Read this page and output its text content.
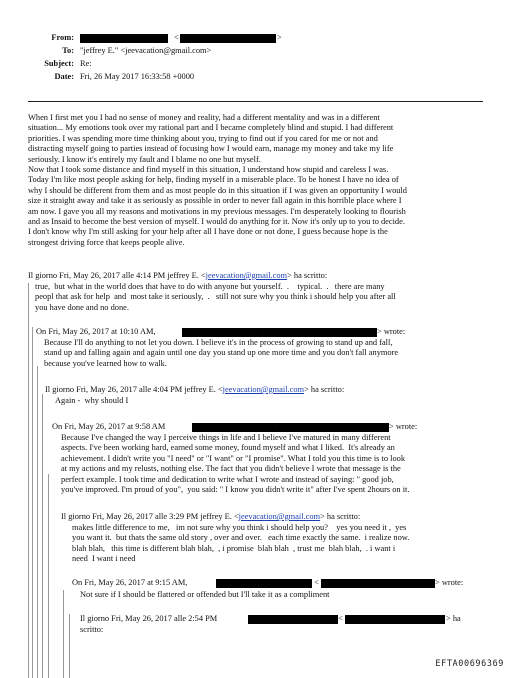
From:	<	>
To: "jeffrey E." <jeevacation@gmail.com>
Subject: Re:
Date: Fri, 26 May 2017 16:33:58 +0000
When I first met you I had no sense of money and reality, had a different mentality and was in a different
situation... My emotions took over my rational part and I became completely blind and stupid. I had different
priorities. I was spending more time thinking about you, trying to find out if you cared for me or not and
distracting myself going to parties instead of focusing how I would earn, manage my money and take my life
seriously. I know it's entirely my fault and I blame no one but myself.
Now that I took some distance and find myself in this situation, I understand how stupid and careless I was.
Today I'm like most people asking for help, finding myself in a miserable place. To be honest I have no idea of
why I should be different from them and as most people do in this situation if I was given an opportunity I would
size it straight away and take it as seriously as possible in order to never fall again in this horrible place where I
am now. I gave you all my reasons and motivations in my previous messages. I'm desperately looking to flourish
and as Insaid to become the best version of myself. I would do anything for it. Now it's only up to you to decide.
I don't know why I'm still asking for your help after all I have done or not done, I guess because hope is the
strongest driving force that keeps people alive.
Il giorno Fri, May 26, 2017 alle 4:14 PM jeffrey E. <jeevacation@gmail.com> ha scritto:
true,  but what in the world does that have to do with anyone but yourself.  .    typical.  .   there are many
peopl that ask for help  and  most take it seriously,  .   still not sure why you think i should help you after all
you have done and no done.
On Fri, May 26, 2017 at 10:10 AM,	<	> wrote:
Because I'll do anything to not let you down. I believe it's in the process of growing to stand up and fall,
stand up and falling again and again until one day you stand up one more time and you don't fall anymore
because you've learned how to walk.
Il giorno Fri, May 26, 2017 alle 4:04 PM jeffrey E. <jeevacation@gmail.com> ha scritto:
Again -  why should I
On Fri, May 26, 2017 at 9:58 AM	<	> wrote:
Because I've changed the way I perceive things in life and I believe I've matured in many different
aspects. I've been working hard, earned some money, found myself and what I liked.  It's already an
achievement. I didn't write you "I need" or "I want" or "I promise". What I told you this time is to look
at my actions and my relusts, nothing else. The fact that you didn't believe I wrote that message is the
perfect example. I took time and dedication to write what I wrote and instead of saying: " good job,
you've improved. I'm proud of you",  you said: " I know you didn't write it" after I've spent 2hours on it.
Il giorno Fri, May 26, 2017 alle 3:29 PM jeffrey E. <jeevacation@gmail.com> ha scritto:
makes little difference to me,   im not sure why you think i should help you?    yes you need it ,  yes
you want it.  but thats the same old story , over and over.   each time exactly the same.  i realize now.
blah blah,   this time is different blah blah,  , i promise  blah blah  , trust me  blah blah,  . i want i
need  I want i need
On Fri, May 26, 2017 at 9:15 AM,	<	> wrote:
Not sure if I should be flattered or offended but I'll take it as a compliment
Il giorno Fri, May 26, 2017 alle 2:54 PM	<	> ha
scritto:
EFTA00696369
